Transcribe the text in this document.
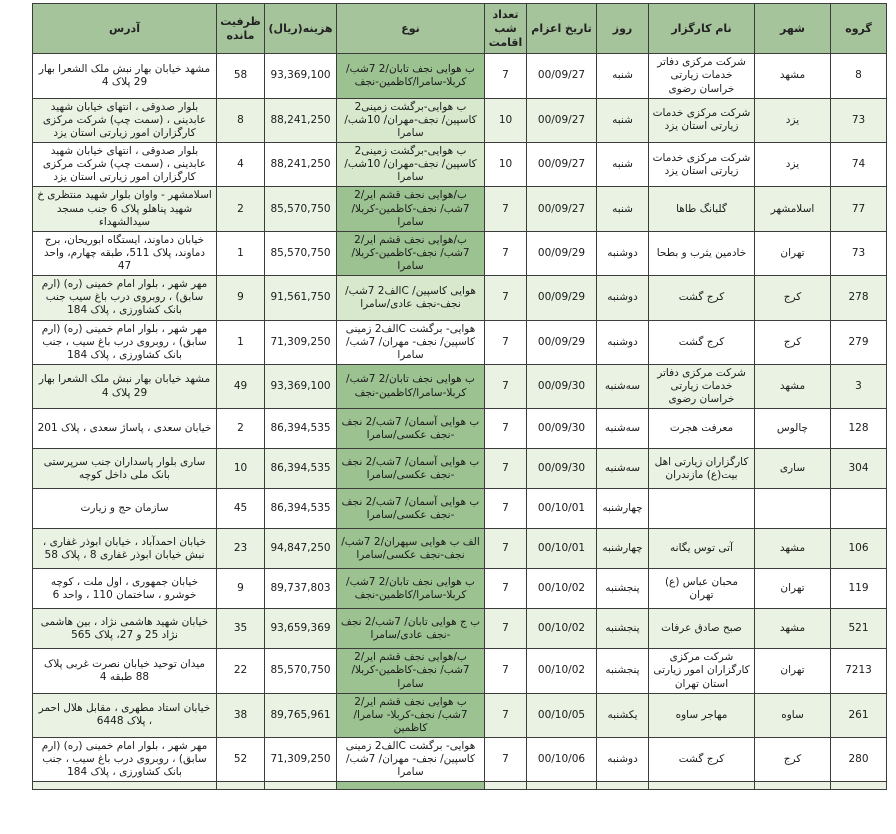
گروه	شهر	نام کارگزار	روز	تاریخ اعزام	تعداد شب اقامت	نوع	هزینه(ریال)	ظرفیت مانده	آدرس
8	مشهد	شرکت مرکزی دفاتر خدمات زیارتی خراسان رضوی	شنبه	00/09/27	7	ب هوایی نجف تابان/2 7شب/ کربلا-سامرا/کاظمین-نجف	93,369,100	58	مشهد خیابان بهار نبش ملک الشعرا بهار 29 پلاک 4
73	یزد	شرکت مرکزی خدمات زیارتی استان یزد	شنبه	00/09/27	10	ب هوایی-برگشت زمینی2 کاسپین/ نجف-مهران/ 10شب/سامرا	88,241,250	8	بلوار صدوقی ، انتهای خیابان شهید عابدینی ، (سمت چپ) شرکت مرکزی کارگزاران امور زیارتی استان یزد
74	یزد	شرکت مرکزی خدمات زیارتی استان یزد	شنبه	00/09/27	10	ب هوایی-برگشت زمینی2 کاسپین/ نجف-مهران/ 10شب/سامرا	88,241,250	4	بلوار صدوقی ، انتهای خیابان شهید عابدینی ، (سمت چپ) شرکت مرکزی کارگزاران امور زیارتی استان یزد
77	اسلامشهر	گلبانگ طاها	شنبه	00/09/27	7	ب/هوایی نجف قشم ایر/2 7شب/ نجف-کاظمین-کربلا/ سامرا	85,570,750	2	اسلامشهر - واوان بلوار شهید منتظری خ شهید پناهلو پلاک 6 جنب مسجد سیدالشهداء
73	تهران	خادمین یثرب و بطحا	دوشنبه	00/09/29	7	ب/هوایی نجف قشم ایر/2 7شب/ نجف-کاظمین-کربلا/ سامرا	85,570,750	1	خیابان دماوند، ایستگاه ابوریحان، برج دماوند، پلاک 511، طبقه چهارم، واحد 47
278	کرج	کرج گشت	دوشنبه	00/09/29	7	هوایی کاسپین/ Cالف2 7شب/ نجف-نجف عادی/سامرا	91,561,750	9	مهر شهر ، بلوار امام خمینی (ره) (ارم سابق) ، روبروی درب باغ سیب جنب بانک کشاورزی ، پلاک 184
279	کرج	کرج گشت	دوشنبه	00/09/29	7	هوایی- برگشت Cالف2 زمینی کاسپین/ نجف- مهران/ 7شب/ سامرا	71,309,250	1	مهر شهر ، بلوار امام خمینی (ره) (ارم سابق) ، روبروی درب باغ سیب ، جنب بانک کشاورزی ، پلاک 184
3	مشهد	شرکت مرکزی دفاتر خدمات زیارتی خراسان رضوی	سه‌شنبه	00/09/30	7	ب هوایی نجف تابان/2 7شب/ کربلا-سامرا/کاظمین-نجف	93,369,100	49	مشهد خیابان بهار نبش ملک الشعرا بهار 29 پلاک 4
128	چالوس	معرفت هجرت	سه‌شنبه	00/09/30	7	ب هوایی آسمان/ 7شب/2 نجف -نجف عکسی/سامرا	86,394,535	2	خیابان سعدی ، پاساژ سعدی ، پلاک 201
304	ساری	کارگزاران زیارتی اهل بیت(ع) مازندران	سه‌شنبه	00/09/30	7	ب هوایی آسمان/ 7شب/2 نجف -نجف عکسی/سامرا	86,394,535	10	ساری بلوار پاسداران جنب سرپرستی بانک ملی داخل کوچه
			چهارشنبه	00/10/01	7	ب هوایی آسمان/ 7شب/2 نجف -نجف عکسی/سامرا	86,394,535	45	سازمان حج و زیارت
106	مشهد	آتی توس یگانه	چهارشنبه	00/10/01	7	الف ب هوایی سپهران/2 7شب/ نجف-نجف عکسی/سامرا	94,847,250	23	خیابان احمدآباد ، خیابان ابوذر غفاری ، نبش خیابان ابوذر غفاری 8 ، پلاک 58
119	تهران	محبان عباس (ع) تهران	پنجشنبه	00/10/02	7	ب هوایی نجف تابان/2 7شب/ کربلا-سامرا/کاظمین-نجف	89,737,803	9	خیابان جمهوری ، اول ملت ، کوچه خوشرو ، ساختمان 110 ، واحد 6
521	مشهد	صبح صادق عرفات	پنجشنبه	00/10/02	7	ب ج هوایی تابان/ 7شب/2 نجف -نجف عادی/سامرا	93,659,369	35	خیابان شهید هاشمی نژاد ، بین هاشمی نژاد 25 و 27، پلاک 565
7213	تهران	شرکت مرکزی کارگزاران امور زیارتی استان تهران	پنجشنبه	00/10/02	7	ب/هوایی نجف قشم ایر/2 7شب/ نجف-کاظمین-کربلا/ سامرا	85,570,750	22	میدان توحید خیابان نصرت غربی پلاک 88 طبقه 4
261	ساوه	مهاجر ساوه	یکشنبه	00/10/05	7	ب هوایی نجف قشم ایر/2 7شب/ نجف-کربلا- سامرا/کاظمین	89,765,961	38	خیابان استاد مطهری ، مقابل هلال احمر ، پلاک 6448
280	کرج	کرج گشت	دوشنبه	00/10/06	7	هوایی- برگشت Cالف2 زمینی کاسپین/ نجف- مهران/ 7شب/ سامرا	71,309,250	52	مهر شهر ، بلوار امام خمینی (ره) (ارم سابق) ، روبروی درب باغ سیب ، جنب بانک کشاورزی ، پلاک 184
